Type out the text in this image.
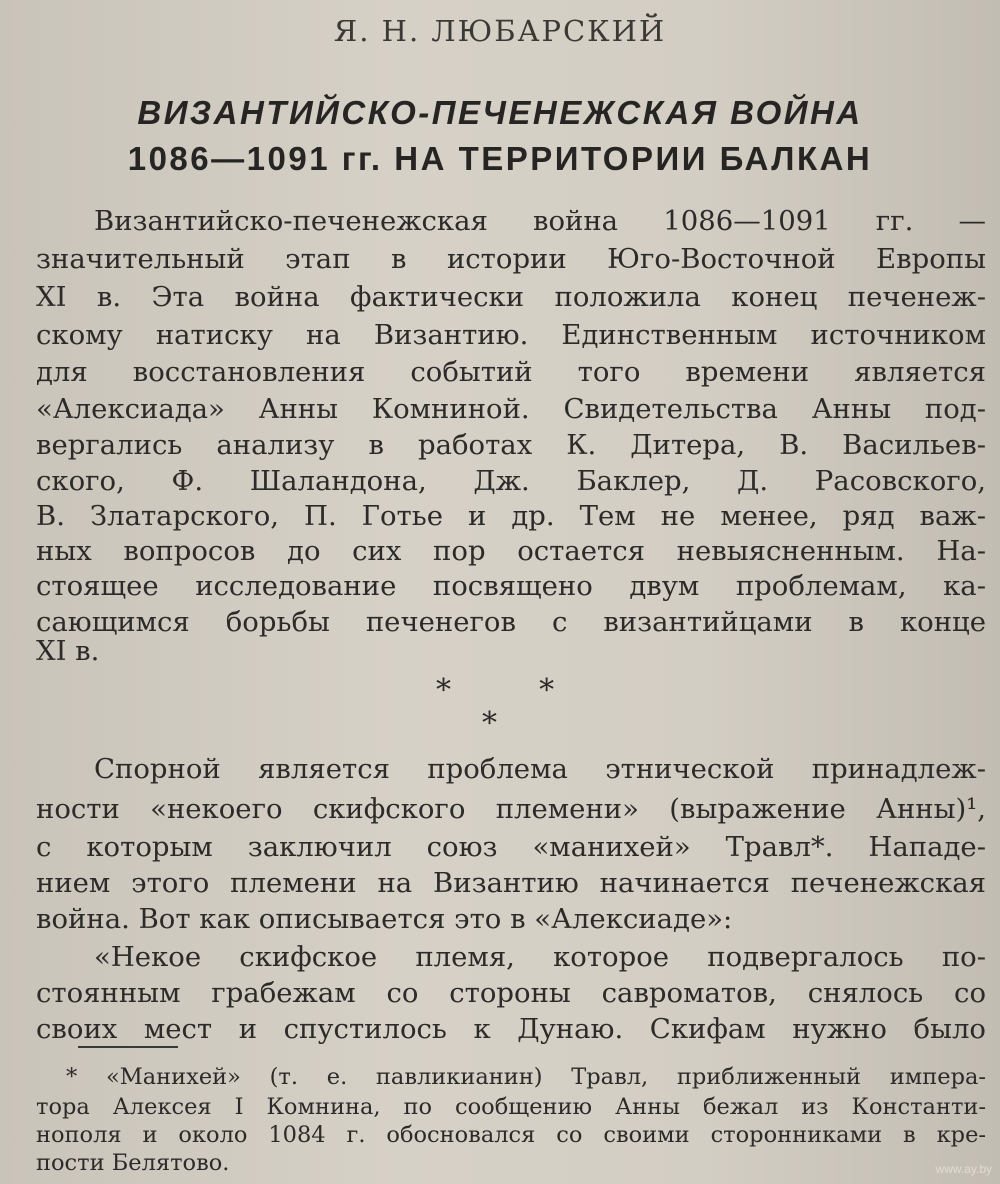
Я. Н. ЛЮБАРСКИЙ
ВИЗАНТИЙСКО-ПЕЧЕНЕЖСКАЯ ВОЙНА
1086—1091 гг. НА ТЕРРИТОРИИ БАЛКАН
Византийско-печенежская война 1086—1091 гг. —
значительный этап в истории Юго-Восточной Европы
XI в. Эта война фактически положила конец печенеж-
скому натиску на Византию. Единственным источником
для восстановления событий того времени является
«Алексиада» Анны Комниной. Свидетельства Анны под-
вергались анализу в работах К. Дитера, В. Васильев-
ского, Ф. Шаландона, Дж. Баклер, Д. Расовского,
В. Златарского, П. Готье и др. Тем не менее, ряд важ-
ных вопросов до сих пор остается невыясненным. На-
стоящее исследование посвящено двум проблемам, ка-
сающимся борьбы печенегов с византийцами в конце
XI в.
*    *
*
Спорной является проблема этнической принадлеж-
ности «некоего скифского племени» (выражение Анны)¹,
с которым заключил союз «манихей» Травл*. Нападе-
нием этого племени на Византию начинается печенежская
война. Вот как описывается это в «Алексиаде»:
«Некое скифское племя, которое подвергалось по-
стоянным грабежам со стороны савроматов, снялось со
своих мест и спустилось к Дунаю. Скифам нужно было
* «Манихей» (т. е. павликианин) Травл, приближенный импера-
тора Алексея I Комнина, по сообщению Анны бежал из Константи-
нополя и около 1084 г. обосновался со своими сторонниками в кре-
пости Белятово.	www.ay.by
